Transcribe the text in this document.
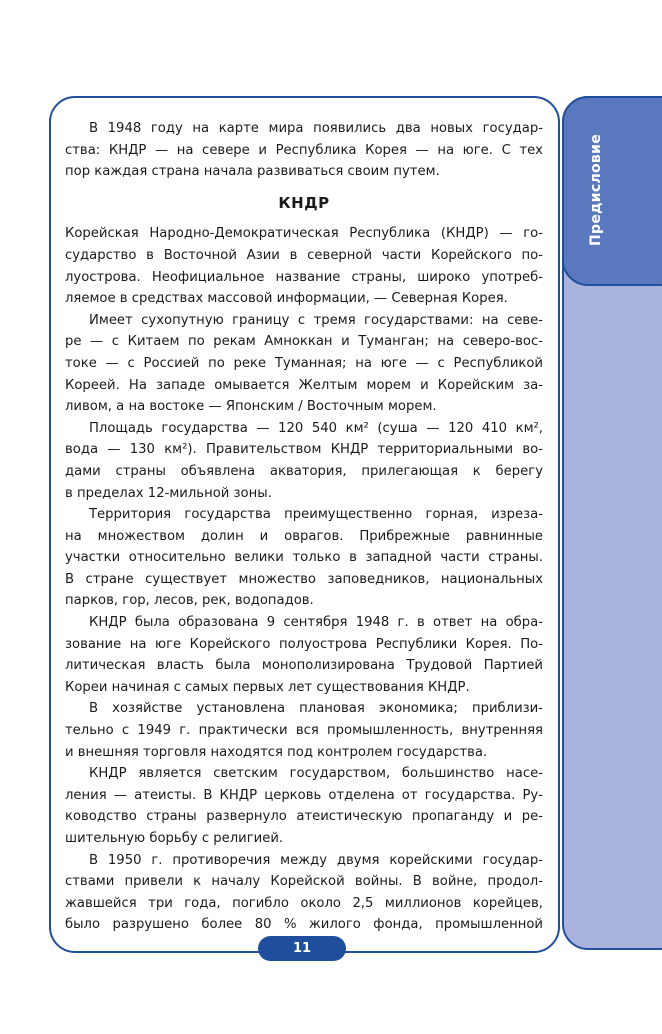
Предисловие
В 1948 году на карте мира появились два новых государ-
ства: КНДР — на севере и Республика Корея — на юге. С тех
пор каждая страна начала развиваться своим путем.
КНДР
Корейская Народно-Демократическая Республика (КНДР) — го-
сударство в Восточной Азии в северной части Корейского по-
луострова. Неофициальное название страны, широко употреб-
ляемое в средствах массовой информации, — Северная Корея.
Имеет сухопутную границу с тремя государствами: на севе-
ре — с Китаем по рекам Амноккан и Туманган; на северо-вос-
токе — с Россией по реке Туманная; на юге — с Республикой
Кореей. На западе омывается Желтым морем и Корейским за-
ливом, а на востоке — Японским / Восточным морем.
Площадь государства — 120 540 км² (суша — 120 410 км²,
вода — 130 км²). Правительством КНДР территориальными во-
дами страны объявлена акватория, прилегающая к берегу
в пределах 12-мильной зоны.
Территория государства преимущественно горная, изреза-
на множеством долин и оврагов. Прибрежные равнинные
участки относительно велики только в западной части страны.
В стране существует множество заповедников, национальных
парков, гор, лесов, рек, водопадов.
КНДР была образована 9 сентября 1948 г. в ответ на обра-
зование на юге Корейского полуострова Республики Корея. По-
литическая власть была монополизирована Трудовой Партией
Кореи начиная с самых первых лет существования КНДР.
В хозяйстве установлена плановая экономика; приблизи-
тельно с 1949 г. практически вся промышленность, внутренняя
и внешняя торговля находятся под контролем государства.
КНДР является светским государством, большинство насе-
ления — атеисты. В КНДР церковь отделена от государства. Ру-
ководство страны развернуло атеистическую пропаганду и ре-
шительную борьбу с религией.
В 1950 г. противоречия между двумя корейскими государ-
ствами привели к началу Корейской войны. В войне, продол-
жавшейся три года, погибло около 2,5 миллионов корейцев,
было разрушено более 80 % жилого фонда, промышленной
11
